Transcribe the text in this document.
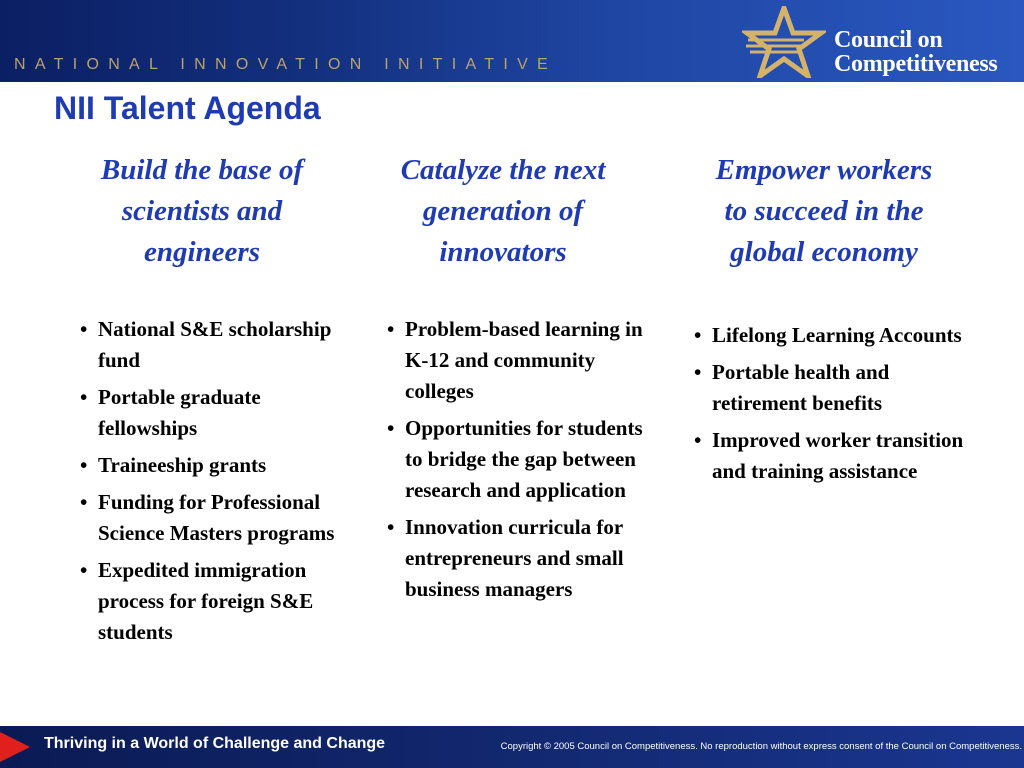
NATIONAL INNOVATION INITIATIVE
Council on
Competitiveness
NII Talent Agenda
Build the base of
scientists and
engineers
• National S&E scholarship fund
• Portable graduate fellowships
• Traineeship grants
• Funding for Professional Science Masters programs
• Expedited immigration process for foreign S&E students
Catalyze the next
generation of
innovators
• Problem-based learning in K-12 and community colleges
• Opportunities for students to bridge the gap between research and application
• Innovation curricula for entrepreneurs and small business managers
Empower workers
to succeed in the
global economy
• Lifelong Learning Accounts
• Portable health and retirement benefits
• Improved worker transition and training assistance
Thriving in a World of Challenge and Change	Copyright © 2005 Council on Competitiveness. No reproduction without express consent of the Council on Competitiveness.
